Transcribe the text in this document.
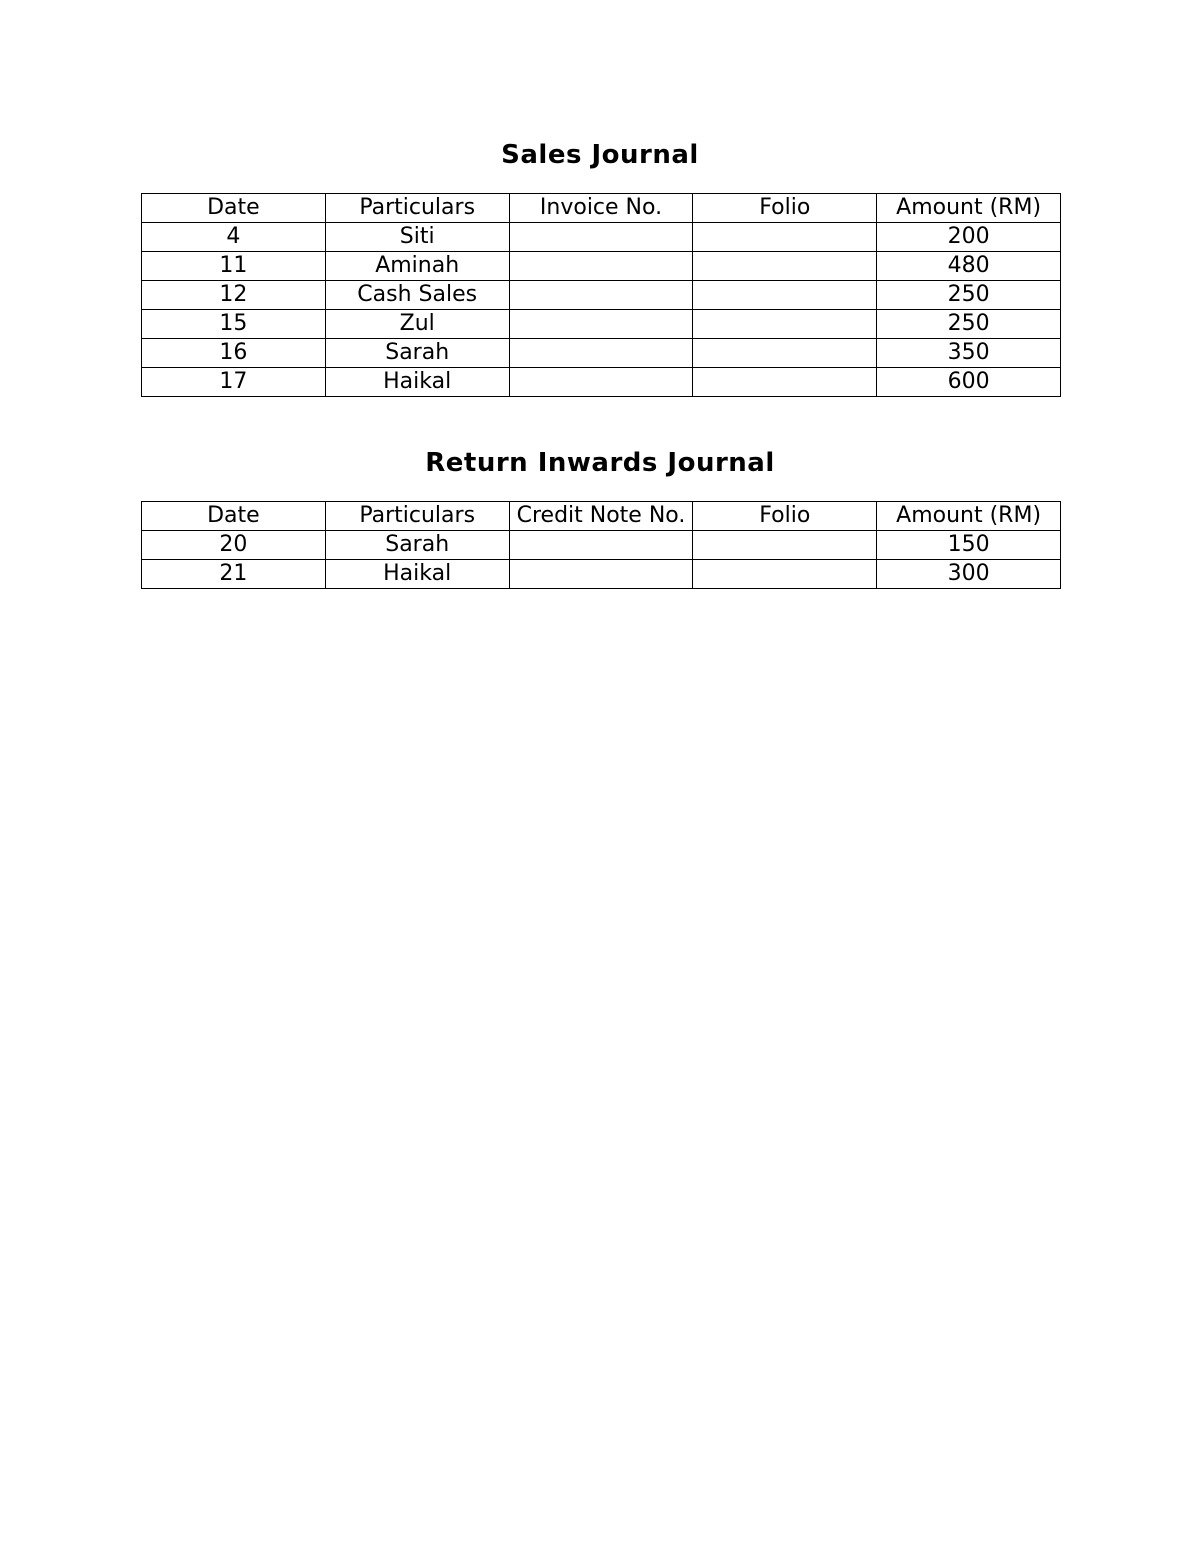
Sales Journal
Date	Particulars	Invoice No.	Folio	Amount (RM)
4	Siti			200
11	Aminah			480
12	Cash Sales			250
15	Zul			250
16	Sarah			350
17	Haikal			600
Return Inwards Journal
Date	Particulars	Credit Note No.	Folio	Amount (RM)
20	Sarah			150
21	Haikal			300
